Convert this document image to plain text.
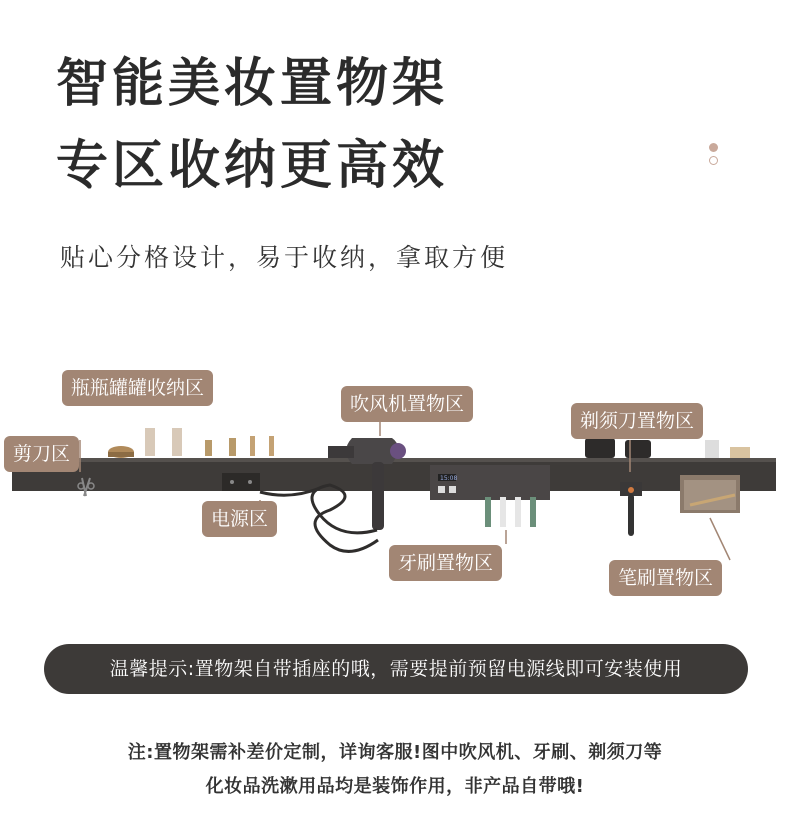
智能美妆置物架
专区收纳更高效
贴心分格设计，易于收纳，拿取方便
15:08
瓶瓶罐罐收纳区
剪刀区
吹风机置物区
剃须刀置物区
电源区
牙刷置物区
笔刷置物区
温馨提示:置物架自带插座的哦，需要提前预留电源线即可安装使用
注:置物架需补差价定制，详询客服!图中吹风机、牙刷、剃须刀等
化妆品洗漱用品均是装饰作用，非产品自带哦!
